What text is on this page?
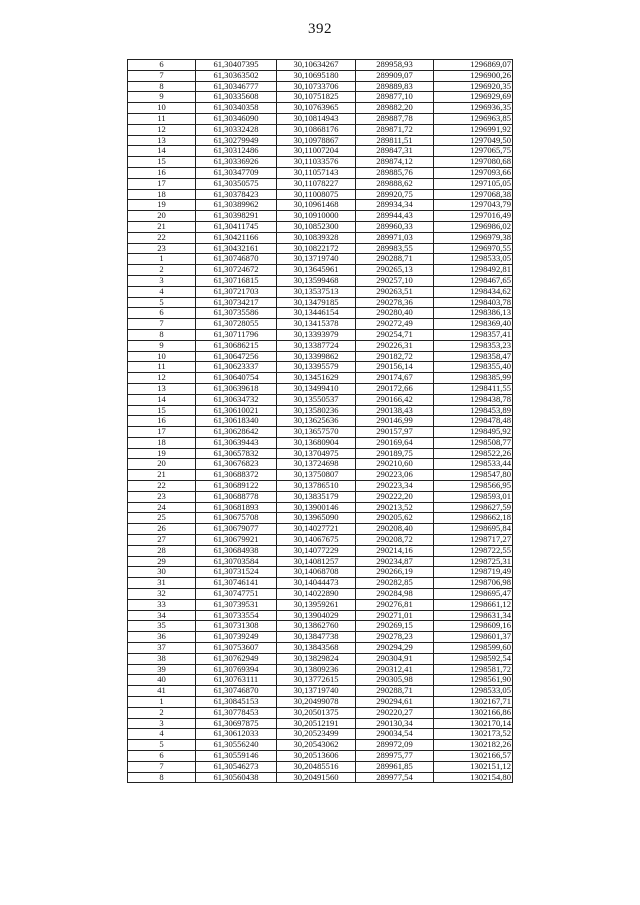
392
6	61,30407395	30,10634267	289958,93	1296869,07
7	61,30363502	30,10695180	289909,07	1296900,26
8	61,30346777	30,10733706	289889,83	1296920,35
9	61,30335608	30,10751825	289877,10	1296929,69
10	61,30340358	30,10763965	289882,20	1296936,35
11	61,30346090	30,10814943	289887,78	1296963,85
12	61,30332428	30,10868176	289871,72	1296991,92
13	61,30279949	30,10978867	289811,51	1297049,50
14	61,30312486	30,11007204	289847,31	1297065,75
15	61,30336926	30,11033576	289874,12	1297080,68
16	61,30347709	30,11057143	289885,76	1297093,66
17	61,30350575	30,11078227	289888,62	1297105,05
18	61,30378423	30,11008075	289920,75	1297068,38
19	61,30389962	30,10961468	289934,34	1297043,79
20	61,30398291	30,10910000	289944,43	1297016,49
21	61,30411745	30,10852300	289960,33	1296986,02
22	61,30421166	30,10839328	289971,03	1296979,38
23	61,30432161	30,10822172	289983,55	1296970,55
1	61,30746870	30,13719740	290288,71	1298533,05
2	61,30724672	30,13645961	290265,13	1298492,81
3	61,30716815	30,13599468	290257,10	1298467,65
4	61,30721703	30,13537513	290263,51	1298434,62
5	61,30734217	30,13479185	290278,36	1298403,78
6	61,30735586	30,13446154	290280,40	1298386,13
7	61,30728055	30,13415378	290272,49	1298369,40
8	61,30711796	30,13393979	290254,71	1298357,41
9	61,30686215	30,13387724	290226,31	1298353,23
10	61,30647256	30,13399862	290182,72	1298358,47
11	61,30623337	30,13395579	290156,14	1298355,40
12	61,30640754	30,13451629	290174,67	1298385,99
13	61,30639618	30,13499410	290172,66	1298411,55
14	61,30634732	30,13550537	290166,42	1298438,78
15	61,30610021	30,13580236	290138,43	1298453,89
16	61,30618340	30,13625636	290146,99	1298478,48
17	61,30628642	30,13657570	290157,97	1298495,92
18	61,30639443	30,13680904	290169,64	1298508,77
19	61,30657832	30,13704975	290189,75	1298522,26
20	61,30676823	30,13724698	290210,60	1298533,44
21	61,30688372	30,13750807	290223,06	1298547,80
22	61,30689122	30,13786510	290223,34	1298566,95
23	61,30688778	30,13835179	290222,20	1298593,01
24	61,30681893	30,13900146	290213,52	1298627,59
25	61,30675708	30,13965090	290205,62	1298662,18
26	61,30679077	30,14027721	290208,40	1298695,84
27	61,30679921	30,14067675	290208,72	1298717,27
28	61,30684938	30,14077229	290214,16	1298722,55
29	61,30703584	30,14081257	290234,87	1298725,31
30	61,30731524	30,14068708	290266,19	1298719,49
31	61,30746141	30,14044473	290282,85	1298706,98
32	61,30747751	30,14022890	290284,98	1298695,47
33	61,30739531	30,13959261	290276,81	1298661,12
34	61,30733554	30,13904029	290271,01	1298631,34
35	61,30731308	30,13862760	290269,15	1298609,16
36	61,30739249	30,13847738	290278,23	1298601,37
37	61,30753607	30,13843568	290294,29	1298599,60
38	61,30762949	30,13829824	290304,91	1298592,54
39	61,30769394	30,13809236	290312,41	1298581,72
40	61,30763111	30,13772615	290305,98	1298561,90
41	61,30746870	30,13719740	290288,71	1298533,05
1	61,30845153	30,20499078	290294,61	1302167,71
2	61,30778453	30,20501375	290220,27	1302166,86
3	61,30697875	30,20512191	290130,34	1302170,14
4	61,30612033	30,20523499	290034,54	1302173,52
5	61,30556240	30,20543062	289972,09	1302182,26
6	61,30559146	30,20513606	289975,77	1302166,57
7	61,30546273	30,20485516	289961,85	1302151,12
8	61,30560438	30,20491560	289977,54	1302154,80
